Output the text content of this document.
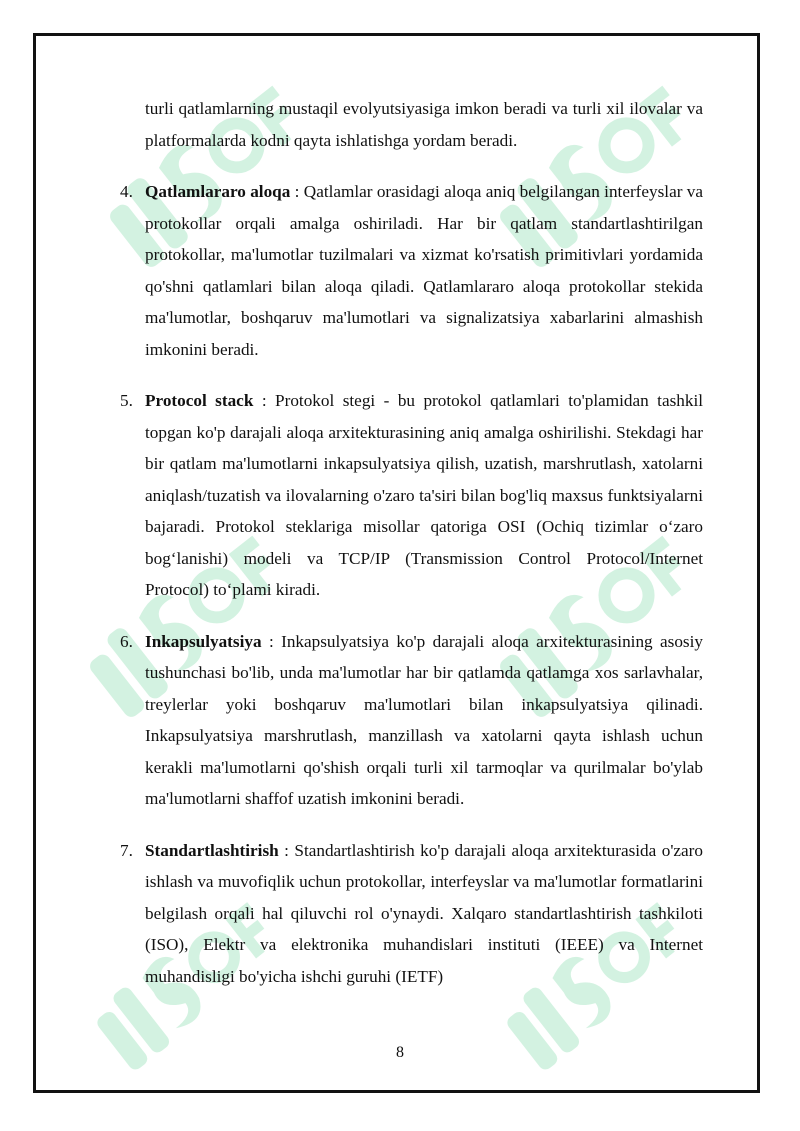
turli qatlamlarning mustaqil evolyutsiyasiga imkon beradi va turli xil ilovalar va platformalarda kodni qayta ishlatishga yordam beradi.

4. Qatlamlararo aloqa : Qatlamlar orasidagi aloqa aniq belgilangan interfeyslar va protokollar orqali amalga oshiriladi. Har bir qatlam standartlashtirilgan protokollar, ma'lumotlar tuzilmalari va xizmat ko'rsatish primitivlari yordamida qo'shni qatlamlari bilan aloqa qiladi. Qatlamlararo aloqa protokollar stekida ma'lumotlar, boshqaruv ma'lumotlari va signalizatsiya xabarlarini almashish imkonini beradi.
5. Protocol stack : Protokol stegi - bu protokol qatlamlari to'plamidan tashkil topgan ko'p darajali aloqa arxitekturasining aniq amalga oshirilishi. Stekdagi har bir qatlam ma'lumotlarni inkapsulyatsiya qilish, uzatish, marshrutlash, xatolarni aniqlash/tuzatish va ilovalarning o'zaro ta'siri bilan bog'liq maxsus funktsiyalarni bajaradi. Protokol steklariga misollar qatoriga OSI (Ochiq tizimlar o‘zaro bog‘lanishi) modeli va TCP/IP (Transmission Control Protocol/Internet Protocol) to‘plami kiradi.
6. Inkapsulyatsiya : Inkapsulyatsiya ko'p darajali aloqa arxitekturasining asosiy tushunchasi bo'lib, unda ma'lumotlar har bir qatlamda qatlamga xos sarlavhalar, treylerlar yoki boshqaruv ma'lumotlari bilan inkapsulyatsiya qilinadi. Inkapsulyatsiya marshrutlash, manzillash va xatolarni qayta ishlash uchun kerakli ma'lumotlarni qo'shish orqali turli xil tarmoqlar va qurilmalar bo'ylab ma'lumotlarni shaffof uzatish imkonini beradi.
7. Standartlashtirish : Standartlashtirish ko'p darajali aloqa arxitekturasida o'zaro ishlash va muvofiqlik uchun protokollar, interfeyslar va ma'lumotlar formatlarini belgilash orqali hal qiluvchi rol o'ynaydi. Xalqaro standartlashtirish tashkiloti (ISO), Elektr va elektronika muhandislari instituti (IEEE) va Internet muhandisligi bo'yicha ishchi guruhi (IETF)
8
